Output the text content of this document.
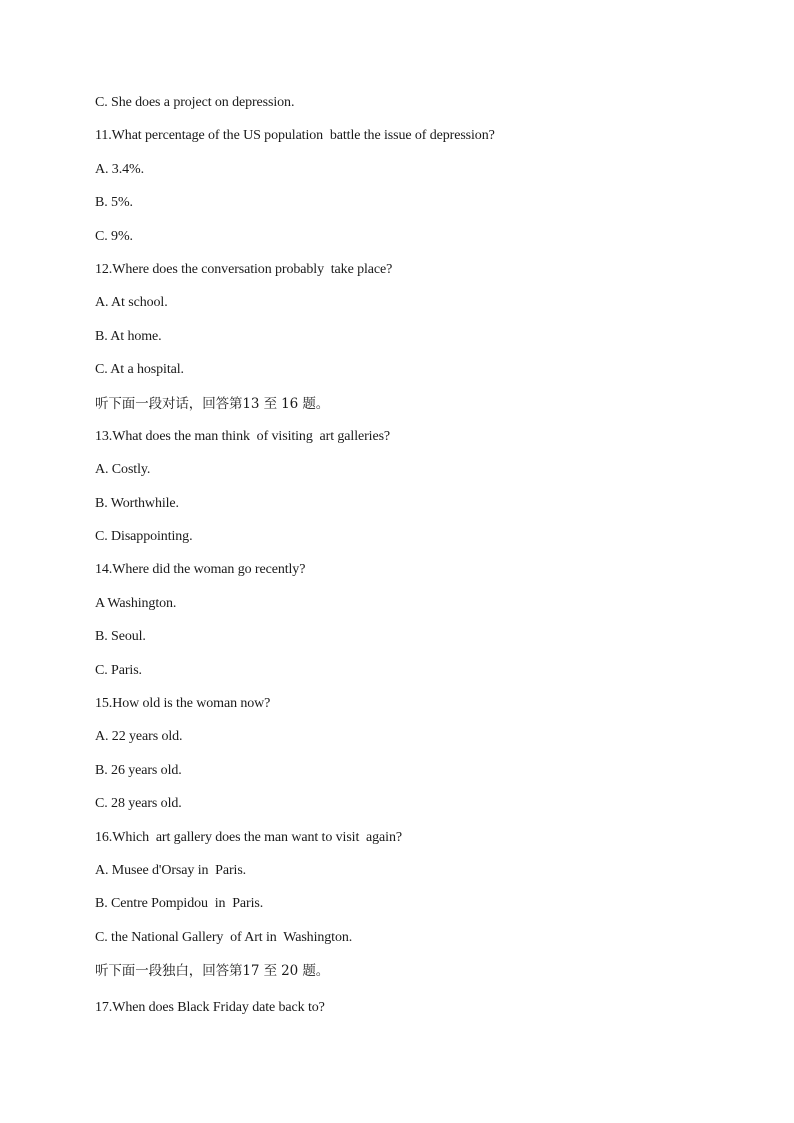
C. She does a project on depression.
11.What percentage of the US population  battle the issue of depression?
A. 3.4%.
B. 5%.
C. 9%.
12.Where does the conversation probably  take place?
A. At school.
B. At home.
C. At a hospital.
听下面一段对话，回答第13 至 16 题。
13.What does the man think  of visiting  art galleries?
A. Costly.
B. Worthwhile.
C. Disappointing.
14.Where did the woman go recently?
A Washington.
B. Seoul.
C. Paris.
15.How old is the woman now?
A. 22 years old.
B. 26 years old.
C. 28 years old.
16.Which  art gallery does the man want to visit  again?
A. Musee d'Orsay in  Paris.
B. Centre Pompidou  in  Paris.
C. the National Gallery  of Art in  Washington.
听下面一段独白，回答第17 至 20 题。
17.When does Black Friday date back to?
